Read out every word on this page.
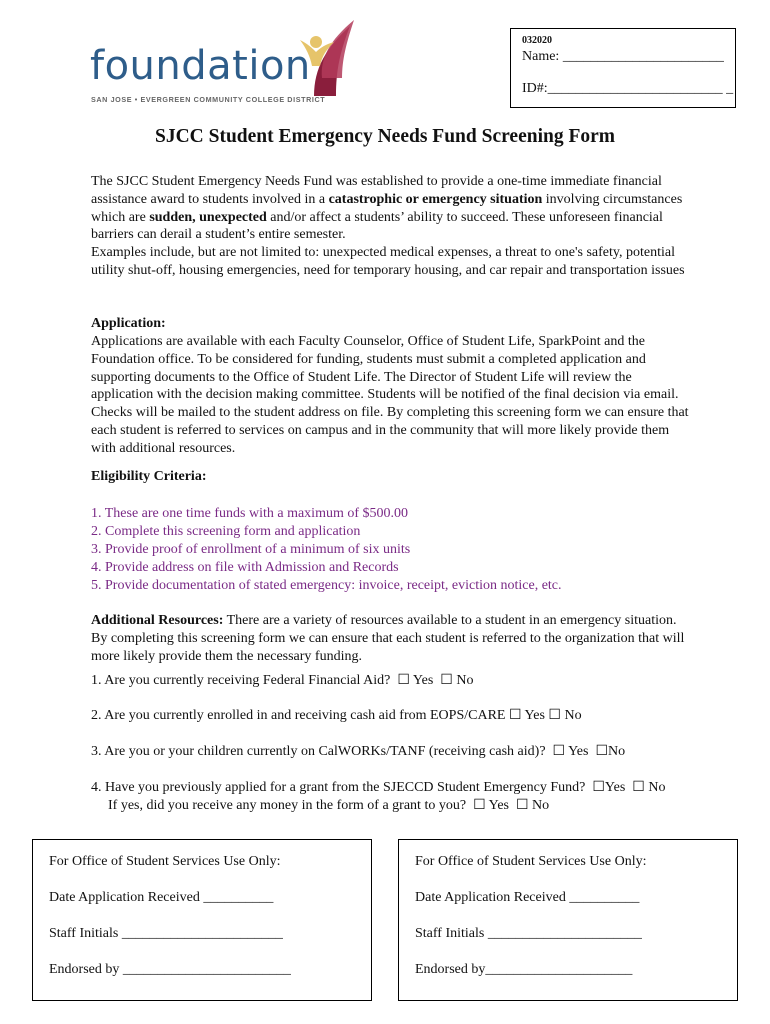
foundation
SAN JOSE • EVERGREEN COMMUNITY COLLEGE DISTRICT
032020
Name: _______________________
ID#:_________________________ _
SJCC Student Emergency Needs Fund Screening Form
The SJCC Student Emergency Needs Fund was established to provide a one-time immediate financial assistance award to students involved in a catastrophic or emergency situation involving circumstances which are sudden, unexpected and/or affect a students’ ability to succeed. These unforeseen financial barriers can derail a student’s entire semester.
Examples include, but are not limited to: unexpected medical expenses, a threat to one's safety, potential utility shut-off, housing emergencies, need for temporary housing, and car repair and transportation issues
Application:
Applications are available with each Faculty Counselor, Office of Student Life, SparkPoint and the Foundation office. To be considered for funding, students must submit a completed application and supporting documents to the Office of Student Life. The Director of Student Life will review the application with the decision making committee. Students will be notified of the final decision via email. Checks will be mailed to the student address on file. By completing this screening form we can ensure that each student is referred to services on campus and in the community that will more likely provide them with additional resources.
Eligibility Criteria:
1. These are one time funds with a maximum of $500.00
2. Complete this screening form and application
3. Provide proof of enrollment of a minimum of six units
4. Provide address on file with Admission and Records
5. Provide documentation of stated emergency: invoice, receipt, eviction notice, etc.
Additional Resources: There are a variety of resources available to a student in an emergency situation. By completing this screening form we can ensure that each student is referred to the organization that will more likely provide them the necessary funding.
1. Are you currently receiving Federal Financial Aid? ☐ Yes ☐ No
2. Are you currently enrolled in and receiving cash aid from EOPS/CARE ☐ Yes ☐ No
3. Are you or your children currently on CalWORKs/TANF (receiving cash aid)? ☐ Yes ☐No
4. Have you previously applied for a grant from the SJECCD Student Emergency Fund? ☐Yes ☐ No
If yes, did you receive any money in the form of a grant to you? ☐ Yes ☐ No
For Office of Student Services Use Only:
Date Application Received __________
Staff Initials _______________________
Endorsed by ________________________
For Office of Student Services Use Only:
Date Application Received __________
Staff Initials ______________________
Endorsed by_____________________
